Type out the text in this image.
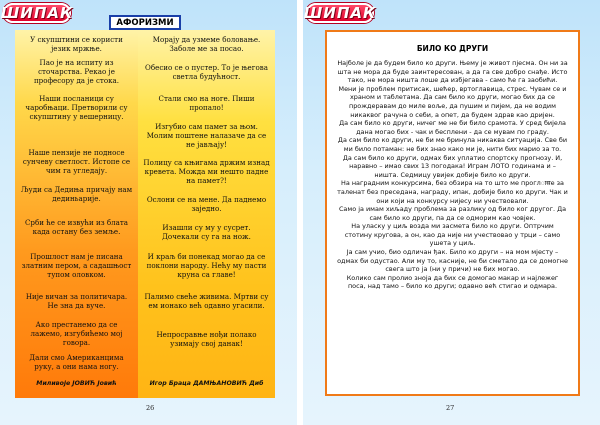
ШИПАК
АФОРИЗМИ
У скупштини се користи језик мржње.
Пао је на испиту из сточарства. Рекао је професору да је стока.
Наши посланици су чаробњаци. Претворили су скупштину у вешерницу.
Наше пензије не подносе сунчеву светлост. Истопе се чим га угледају.
Људи са Дедиња причају нам дединьарије.
Срби ће се извући из блата када остану без земље.
Прошлост нам је писана златним пером, а садашњост тупом оловком.
Није вичан за политичара. Не зна да вуче.
Ако престанемо да се лажемо, изгубићемо мој говора.
Дали смо Американцима руку, а они нама ногу.
Миливоје ЈОВИЋ Јовић
Морају да узмеме боловање. Заболе ме за посао.
Обесио се о пустер. То је његова светла будућност.
Стали смо на ноге. Пиши пропало!
Изгубио сам памет за њом. Молим поштене налазаче да се не јављају!
Полицу са књигама држим изнад кревета. Можда ми нешто падне на памет?!
Ослони се на мене. Да паднемо заједно.
Изашли су му у сусрет. Дочекали су га на нож.
И краљ би понекад могао да се поклони народу. Нећу му пасти круна са главе!
Палимо свеће живима. Мртви су ем ионако већ одавно угасили.
Непросравње нођи полако узимају свој данак!
Игор Браца ДАМЊАНОВИЋ Диб
26
ШИПАК
БИЛО КО ДРУГИ

Најболе је да будем било ко други. Њему је живот пјесма. Он ни за шта не мора да буде заинтересован, а да га све добро снађе. Исто тако, не мора ништа лоше да избјегава - само ће га заобићи.

Мени је проблем притисак, шећер, вртоглавица, стрес. Чувам се и храном и таблетама. Да сам било ко други, могао бих да се прождеравам до миле воље, да пушим и пијем, да не водим никаквог рачуна о себи, а опет, да будем здрав као дријен.

Да сам било ко други, ничег ме не би било срамота. У сред бијела дана могао бих - чак и бесплени - да се мувам по граду.

Да сам било ко други, не би ме бринула никаква ситуација. Све би ми било потаман: не бих знао како ми је, нити бих марио за то.

Да сам било ко други, одмах бих уплатио спортску прогнозу. И, наравно – имао свих 13 погодака! Играм ЛОТО годинама и – ништа. Седмицу увијек добије било ко други.

На наградним конкурсима, без обзира на то што ме проглासе за таленат без преседана, награду, ипак, добије било ко други. Чак и они који на конкурсу нијесу ни учествовали.

Само ја имам хиљаду проблема за разлику од било ког другог. Да сам било ко други, па да се одморим као човјек.

На уласку у циљ возда ми засмета било ко други. Оптрчим стотину кругова, а он, као да није ни учествовао у трци – само ушета у циљ.

Ја сам учио, био одличан ђак. Било ко други – на мом мјесту – одмах би одустао. Али му то, касније, не би сметало да се домогне свега што ја (ни у причи) не бих могао.

Колико сам пролио зноја да бих се домогао макар и најлежег поса, над тамо – било ко други; одавно већ стигао и одмара.

27
